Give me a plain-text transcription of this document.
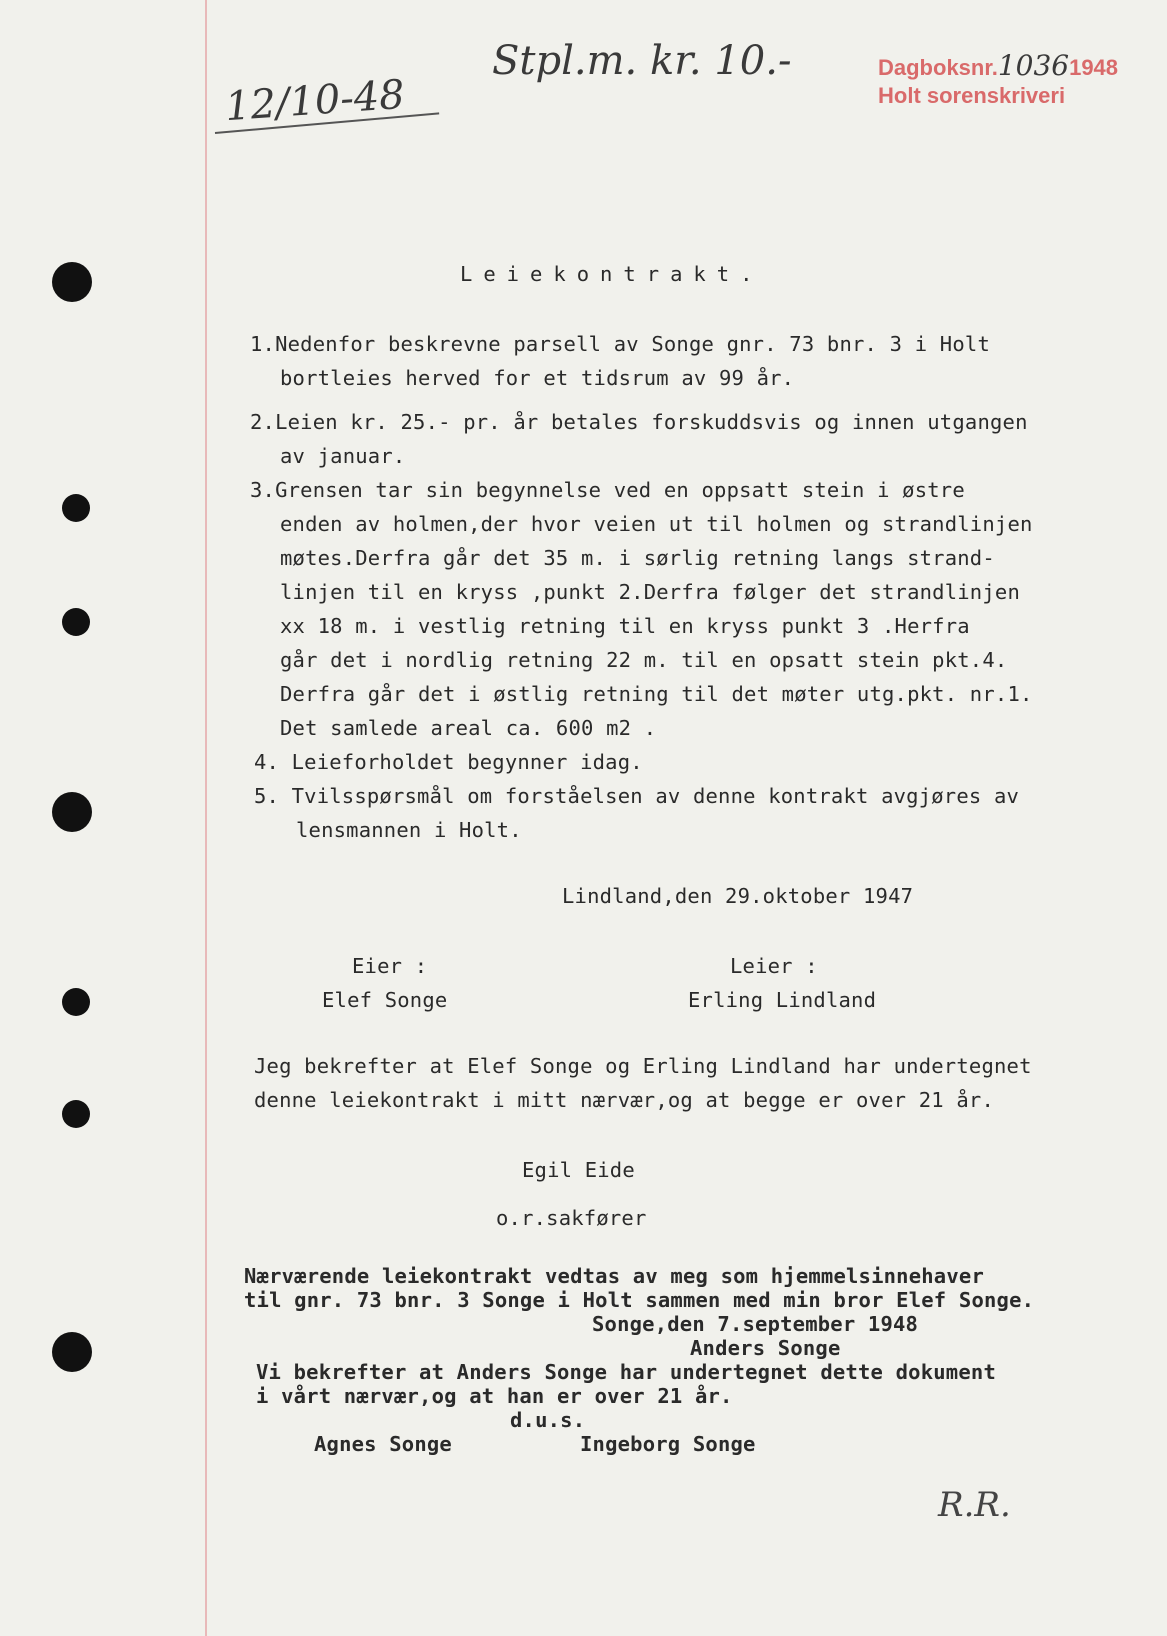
12/10-48
Stpl.m. kr. 10.-	Dagboksnr.10361948
Holt sorenskriveri
Leiekontrakt.
1.Nedenfor beskrevne parsell av Songe gnr. 73 bnr. 3 i Holt
bortleies herved for et tidsrum av 99 år.
2.Leien kr. 25.- pr. år betales forskuddsvis og innen utgangen
av januar.
3.Grensen tar sin begynnelse ved en oppsatt stein i østre
enden av holmen,der hvor veien ut til holmen og strandlinjen
møtes.Derfra går det 35 m. i sørlig retning langs strand-
linjen til en kryss ,punkt 2.Derfra følger det strandlinjen
xx 18 m. i vestlig retning til en kryss punkt 3 .Herfra
går det i nordlig retning 22 m. til en opsatt stein pkt.4.
Derfra går det i østlig retning til det møter utg.pkt. nr.1.
Det samlede areal ca. 600 m2 .
4. Leieforholdet begynner idag.
5. Tvilsspørsmål om forståelsen av denne kontrakt avgjøres av
lensmannen i Holt.
Lindland,den 29.oktober 1947
Eier :	Leier :
Elef Songe	Erling Lindland
Jeg bekrefter at Elef Songe og Erling Lindland har undertegnet
denne leiekontrakt i mitt nærvær,og at begge er over 21 år.
Egil Eide
o.r.sakfører
Nærværende leiekontrakt vedtas av meg som hjemmelsinnehaver
til gnr. 73 bnr. 3 Songe i Holt sammen med min bror Elef Songe.
Songe,den 7.september 1948
Anders Songe
Vi bekrefter at Anders Songe har undertegnet dette dokument
i vårt nærvær,og at han er over 21 år.
d.u.s.
Agnes Songe	Ingeborg Songe
R.R.
